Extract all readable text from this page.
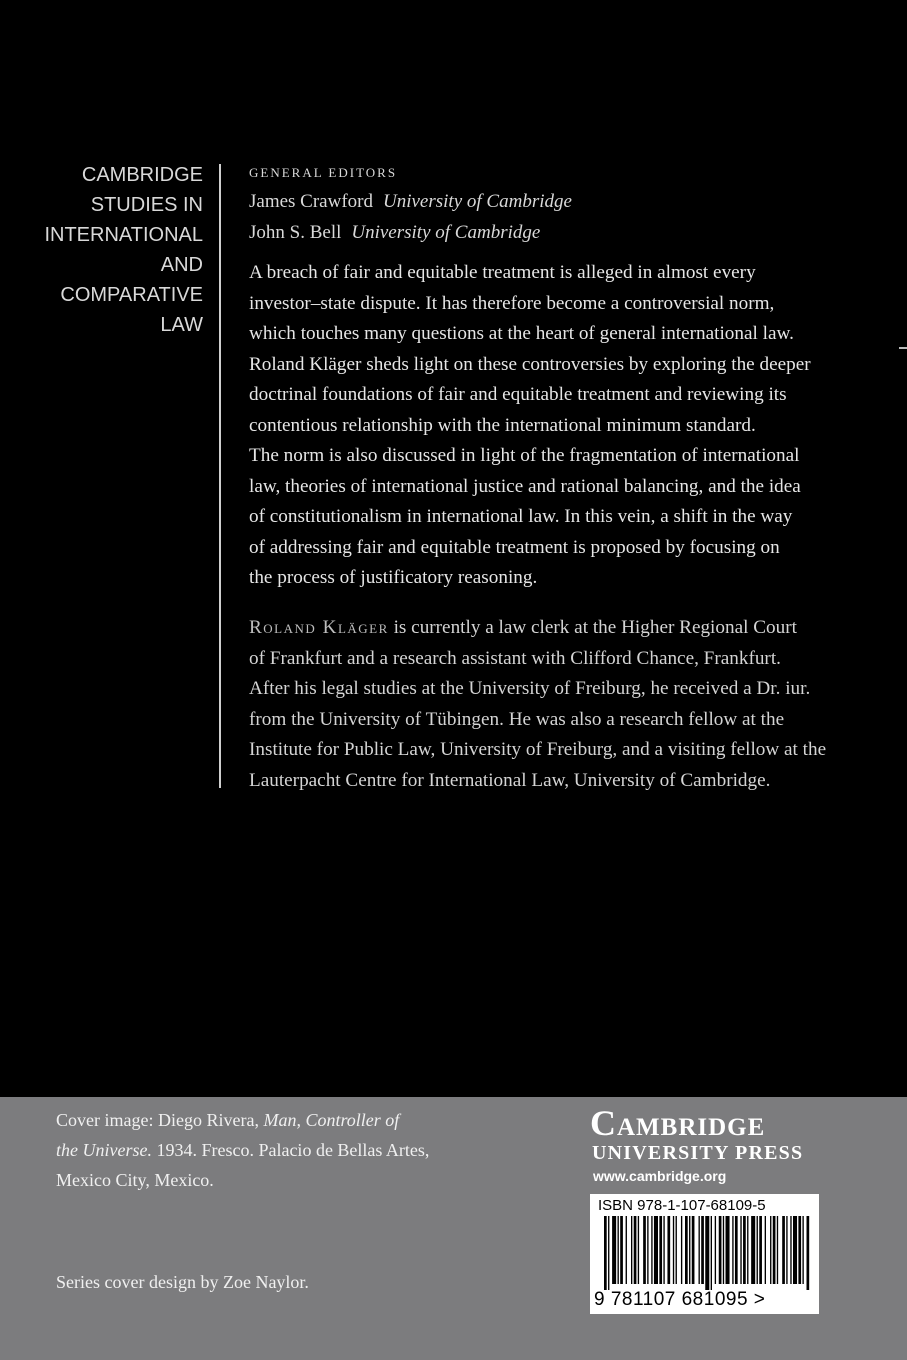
CAMBRIDGE
STUDIES IN
INTERNATIONAL
AND
COMPARATIVE
LAW
GENERAL EDITORS
James Crawford University of Cambridge
John S. Bell University of Cambridge
A breach of fair and equitable treatment is alleged in almost every
investor–state dispute. It has therefore become a controversial norm,
which touches many questions at the heart of general international law.
Roland Kläger sheds light on these controversies by exploring the deeper
doctrinal foundations of fair and equitable treatment and reviewing its
contentious relationship with the international minimum standard.
The norm is also discussed in light of the fragmentation of international
law, theories of international justice and rational balancing, and the idea
of constitutionalism in international law. In this vein, a shift in the way
of addressing fair and equitable treatment is proposed by focusing on
the process of justificatory reasoning.
Roland Kläger is currently a law clerk at the Higher Regional Court
of Frankfurt and a research assistant with Clifford Chance, Frankfurt.
After his legal studies at the University of Freiburg, he received a Dr. iur.
from the University of Tübingen. He was also a research fellow at the
Institute for Public Law, University of Freiburg, and a visiting fellow at the
Lauterpacht Centre for International Law, University of Cambridge.
Cover image: Diego Rivera, Man, Controller of
the Universe. 1934. Fresco. Palacio de Bellas Artes,
Mexico City, Mexico.
Series cover design by Zoe Naylor.
Cambridge
UNIVERSITY PRESS
www.cambridge.org
ISBN 978-1-107-68109-5
9 781107 681095 >
